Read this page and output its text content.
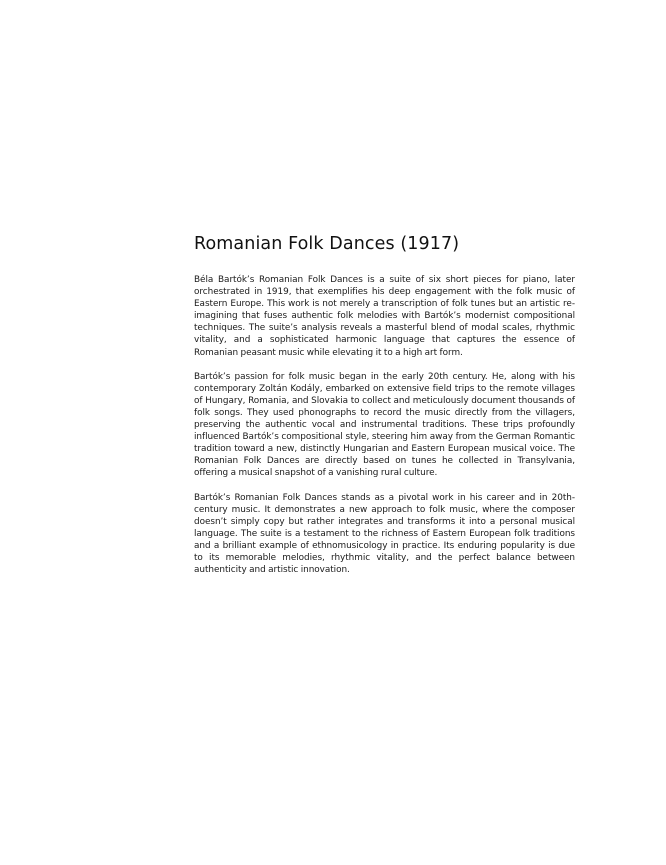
Romanian Folk Dances (1917)

Béla Bartók’s Romanian Folk Dances is a suite of six short pieces for piano, later orchestrated in 1919, that exemplifies his deep engagement with the folk music of Eastern Europe. This work is not merely a transcription of folk tunes but an artistic re-imagining that fuses authentic folk melodies with Bartók’s modernist compositional techniques. The suite’s analysis reveals a masterful blend of modal scales, rhythmic vitality, and a sophisticated harmonic language that captures the essence of Romanian peasant music while elevating it to a high art form.

Bartók’s passion for folk music began in the early 20th century. He, along with his contemporary Zoltán Kodály, embarked on extensive field trips to the remote villages of Hungary, Romania, and Slovakia to collect and meticulously document thousands of folk songs. They used phonographs to record the music directly from the villagers, preserving the authentic vocal and instrumental traditions. These trips profoundly influenced Bartók’s compositional style, steering him away from the German Romantic tradition toward a new, distinctly Hungarian and Eastern European musical voice. The Romanian Folk Dances are directly based on tunes he collected in Transylvania, offering a musical snapshot of a vanishing rural culture.

Bartók’s Romanian Folk Dances stands as a pivotal work in his career and in 20th-century music. It demonstrates a new approach to folk music, where the composer doesn’t simply copy but rather integrates and transforms it into a personal musical language. The suite is a testament to the richness of Eastern European folk traditions and a brilliant example of ethnomusicology in practice. Its enduring popularity is due to its memorable melodies, rhythmic vitality, and the perfect balance between authenticity and artistic innovation.
